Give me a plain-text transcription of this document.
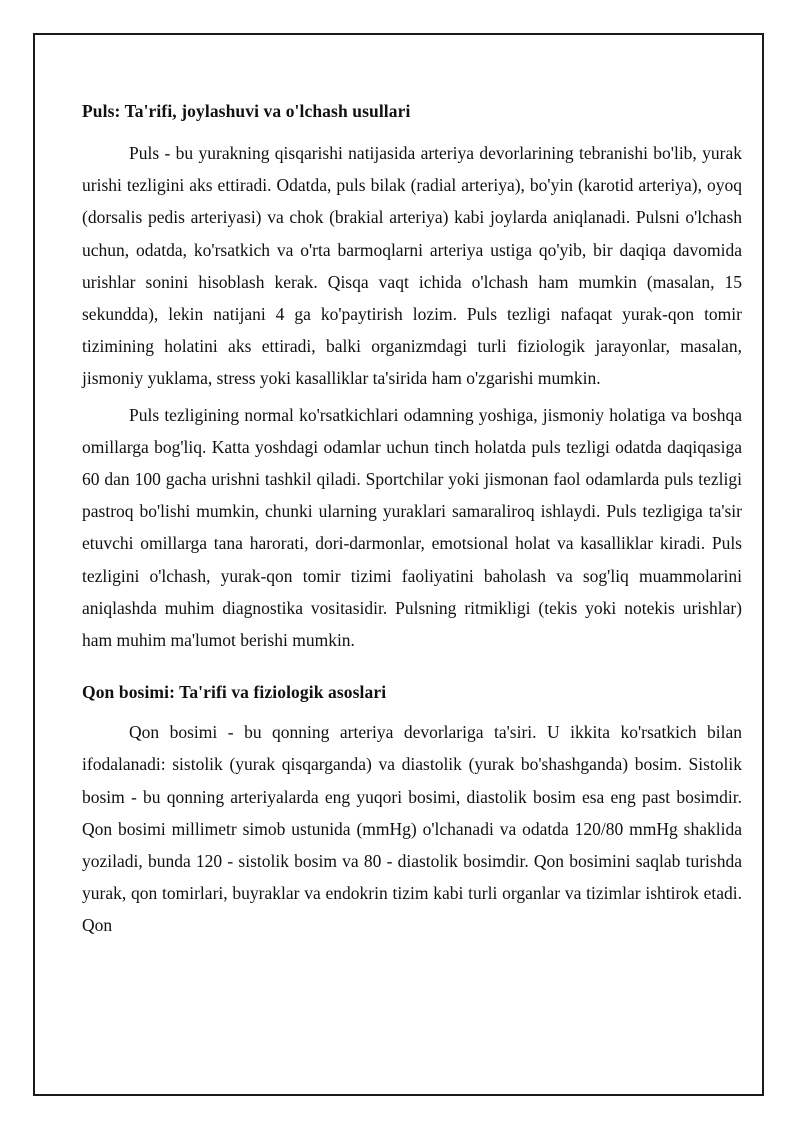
Puls: Ta'rifi, joylashuvi va o'lchash usullari

Puls - bu yurakning qisqarishi natijasida arteriya devorlarining tebranishi bo'lib, yurak urishi tezligini aks ettiradi. Odatda, puls bilak (radial arteriya), bo'yin (karotid arteriya), oyoq (dorsalis pedis arteriyasi) va chok (brakial arteriya) kabi joylarda aniqlanadi. Pulsni o'lchash uchun, odatda, ko'rsatkich va o'rta barmoqlarni arteriya ustiga qo'yib, bir daqiqa davomida urishlar sonini hisoblash kerak. Qisqa vaqt ichida o'lchash ham mumkin (masalan, 15 sekundda), lekin natijani 4 ga ko'paytirish lozim. Puls tezligi nafaqat yurak-qon tomir tizimining holatini aks ettiradi, balki organizmdagi turli fiziologik jarayonlar, masalan, jismoniy yuklama, stress yoki kasalliklar ta'sirida ham o'zgarishi mumkin.

Puls tezligining normal ko'rsatkichlari odamning yoshiga, jismoniy holatiga va boshqa omillarga bog'liq. Katta yoshdagi odamlar uchun tinch holatda puls tezligi odatda daqiqasiga 60 dan 100 gacha urishni tashkil qiladi. Sportchilar yoki jismonan faol odamlarda puls tezligi pastroq bo'lishi mumkin, chunki ularning yuraklari samaraliroq ishlaydi. Puls tezligiga ta'sir etuvchi omillarga tana harorati, dori-darmonlar, emotsional holat va kasalliklar kiradi. Puls tezligini o'lchash, yurak-qon tomir tizimi faoliyatini baholash va sog'liq muammolarini aniqlashda muhim diagnostika vositasidir. Pulsning ritmikligi (tekis yoki notekis urishlar) ham muhim ma'lumot berishi mumkin.

Qon bosimi: Ta'rifi va fiziologik asoslari

Qon bosimi - bu qonning arteriya devorlariga ta'siri. U ikkita ko'rsatkich bilan ifodalanadi: sistolik (yurak qisqarganda) va diastolik (yurak bo'shashganda) bosim. Sistolik bosim - bu qonning arteriyalarda eng yuqori bosimi, diastolik bosim esa eng past bosimdir. Qon bosimi millimetr simob ustunida (mmHg) o'lchanadi va odatda 120/80 mmHg shaklida yoziladi, bunda 120 - sistolik bosim va 80 - diastolik bosimdir. Qon bosimini saqlab turishda yurak, qon tomirlari, buyraklar va endokrin tizim kabi turli organlar va tizimlar ishtirok etadi. Qon
